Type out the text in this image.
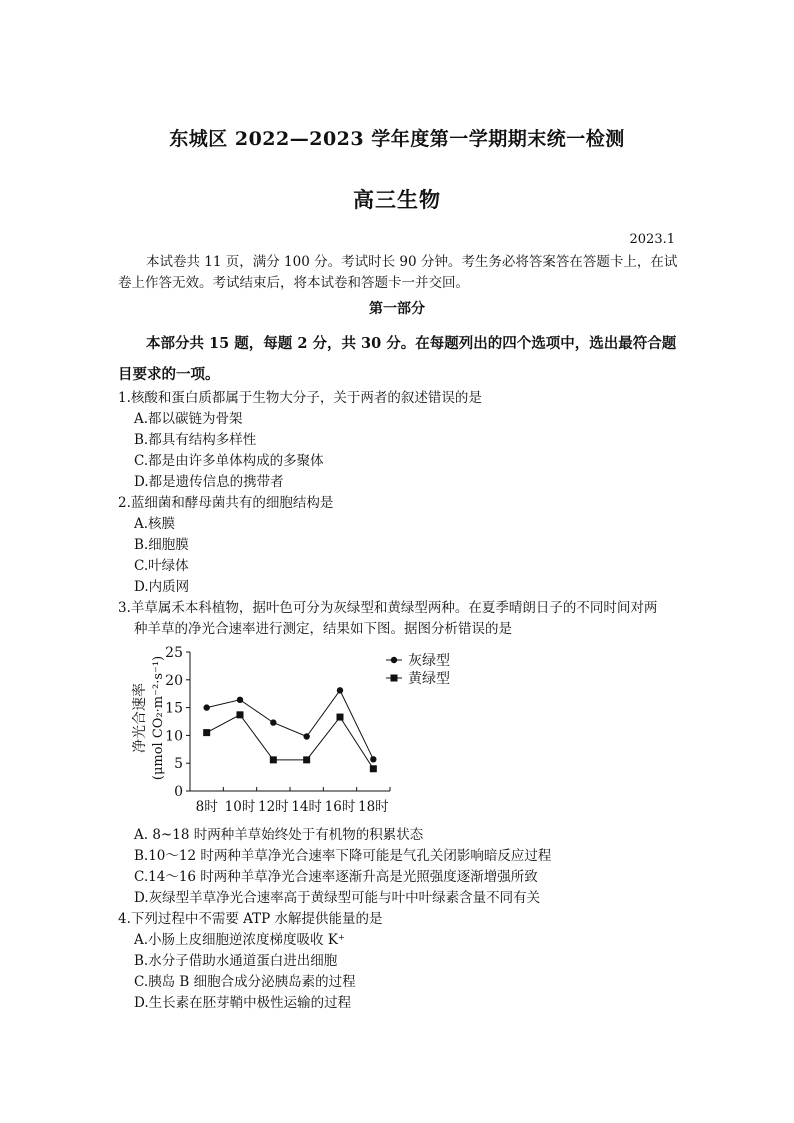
东城区 2022—2023 学年度第一学期期末统一检测
高三生物
2023.1
本试卷共 11 页，满分 100 分。考试时长 90 分钟。考生务必将答案答在答题卡上，在试卷上作答无效。考试结束后，将本试卷和答题卡一并交回。
第一部分
本部分共 15 题，每题 2 分，共 30 分。在每题列出的四个选项中，选出最符合题目要求的一项。
1.核酸和蛋白质都属于生物大分子，关于两者的叙述错误的是
A.都以碳链为骨架
B.都具有结构多样性
C.都是由许多单体构成的多聚体
D.都是遗传信息的携带者
2.蓝细菌和酵母菌共有的细胞结构是
A.核膜
B.细胞膜
C.叶绿体
D.内质网
3.羊草属禾本科植物，据叶色可分为灰绿型和黄绿型两种。在夏季晴朗日子的不同时间对两
种羊草的净光合速率进行测定，结果如下图。据图分析错误的是
净光合速率 (μmol CO₂·m⁻²·s⁻¹)
0
5
10
15
20
25
8时 10时 12时 14时 16时 18时
灰绿型
黄绿型
A. 8~18 时两种羊草始终处于有机物的积累状态
B.10～12 时两种羊草净光合速率下降可能是气孔关闭影响暗反应过程
C.14～16 时两种羊草净光合速率逐渐升高是光照强度逐渐增强所致
D.灰绿型羊草净光合速率高于黄绿型可能与叶中叶绿素含量不同有关
4.下列过程中不需要 ATP 水解提供能量的是
A.小肠上皮细胞逆浓度梯度吸收 K⁺
B.水分子借助水通道蛋白进出细胞
C.胰岛 B 细胞合成分泌胰岛素的过程
D.生长素在胚芽鞘中极性运输的过程
